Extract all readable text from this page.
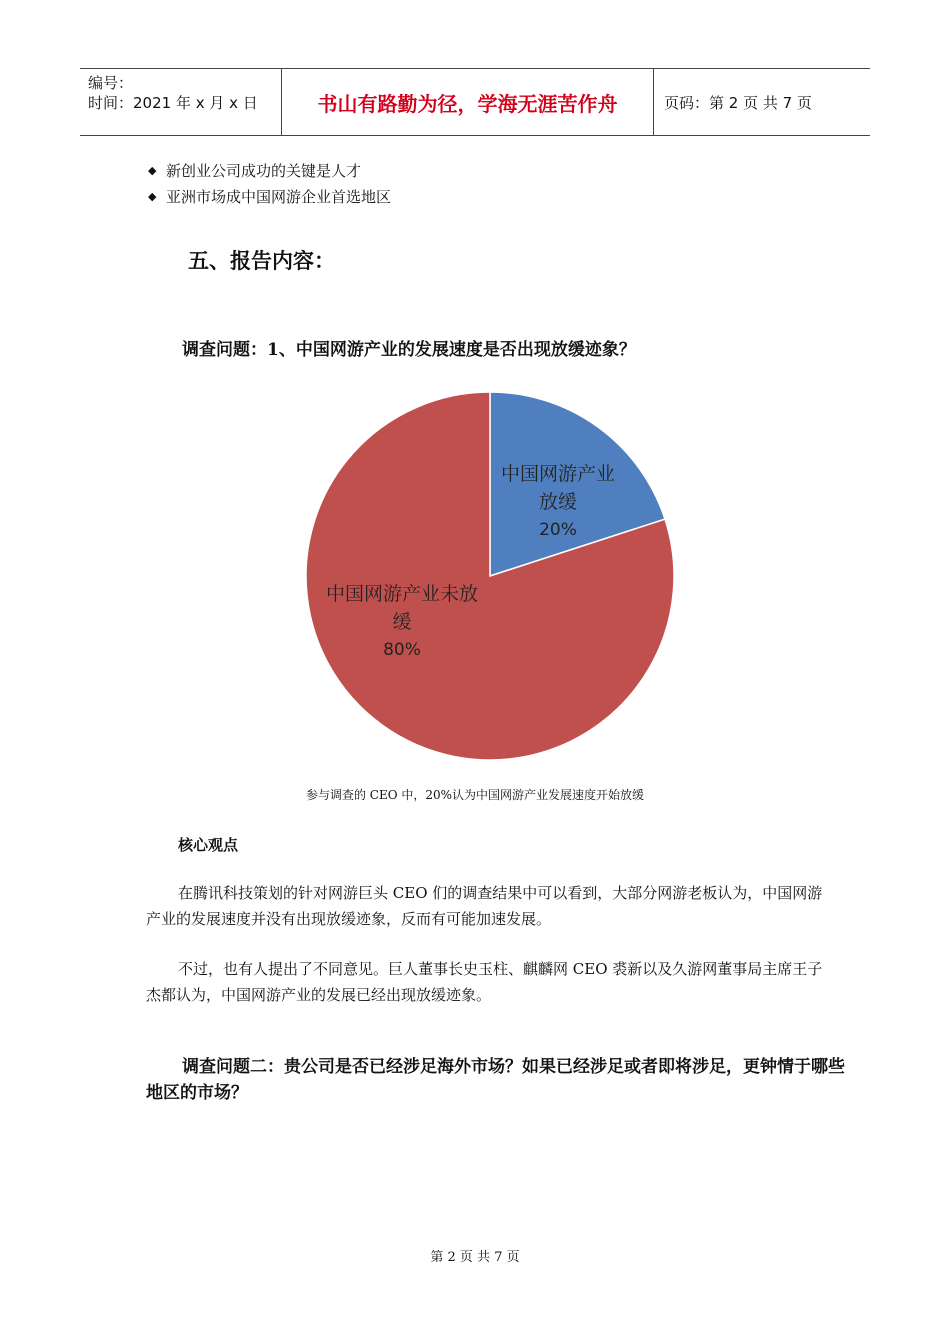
编号：
时间：2021 年 x 月 x 日	书山有路勤为径，学海无涯苦作舟	页码：第 2 页 共 7 页
◆ 新创业公司成功的关键是人才
◆ 亚洲市场成中国网游企业首选地区
五、报告内容：
调查问题：1、中国网游产业的发展速度是否出现放缓迹象？
中国网游产业
放缓
20%
中国网游产业未放
缓
80%
参与调查的 CEO 中，20%认为中国网游产业发展速度开始放缓
核心观点
在腾讯科技策划的针对网游巨头 CEO 们的调查结果中可以看到，大部分网游老板认为，中国网游产业的发展速度并没有出现放缓迹象，反而有可能加速发展。
不过，也有人提出了不同意见。巨人董事长史玉柱、麒麟网 CEO 裘新以及久游网董事局主席王子杰都认为，中国网游产业的发展已经出现放缓迹象。
调查问题二：贵公司是否已经涉足海外市场？如果已经涉足或者即将涉足，更钟情于哪些地区的市场？
第 2 页 共 7 页
